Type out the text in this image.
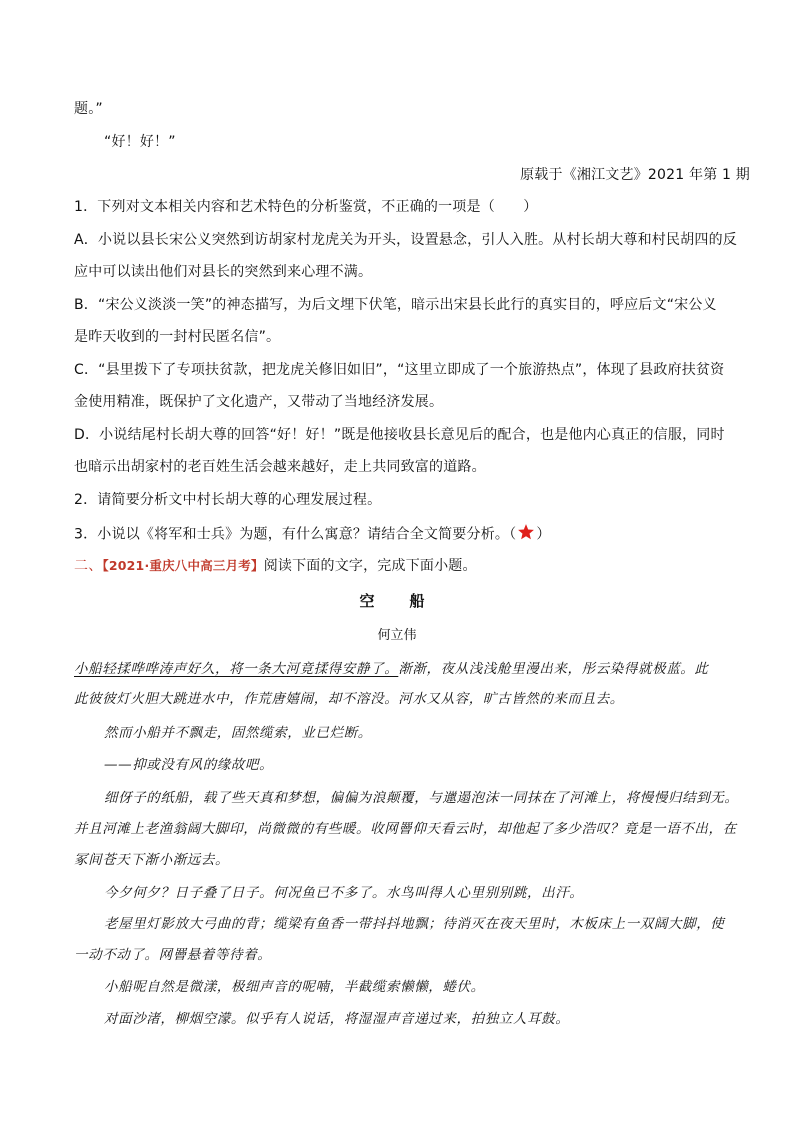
题。”
“好！好！”
原载于《湘江文艺》2021 年第 1 期
1．下列对文本相关内容和艺术特色的分析鉴赏，不正确的一项是（　　）
A．小说以县长宋公义突然到访胡家村龙虎关为开头，设置悬念，引人入胜。从村长胡大尊和村民胡四的反
应中可以读出他们对县长的突然到来心理不满。
B．“宋公义淡淡一笑”的神态描写，为后文埋下伏笔，暗示出宋县长此行的真实目的，呼应后文“宋公义
是昨天收到的一封村民匿名信”。
C．“县里拨下了专项扶贫款，把龙虎关修旧如旧”，“这里立即成了一个旅游热点”，体现了县政府扶贫资
金使用精准，既保护了文化遗产，又带动了当地经济发展。
D．小说结尾村长胡大尊的回答“好！好！”既是他接收县长意见后的配合，也是他内心真正的信服，同时
也暗示出胡家村的老百姓生活会越来越好，走上共同致富的道路。
2．请简要分析文中村长胡大尊的心理发展过程。
3．小说以《将军和士兵》为题，有什么寓意？请结合全文简要分析。（ ）
二、【2021·重庆八中高三月考】阅读下面的文字，完成下面小题。
空　船
何立伟
小船轻揉哗哗涛声好久，将一条大河竟揉得安静了。渐渐，夜从浅浅舱里漫出来，彤云染得就极蓝。此
此彼彼灯火胆大跳进水中，作荒唐嬉闹，却不溶没。河水又从容，旷古皆然的来而且去。
然而小船并不飘走，固然缆索，业已烂断。
——抑或没有风的缘故吧。
细伢子的纸船，载了些天真和梦想，偏偏为浪颠覆，与邋遢泡沫一同抹在了河滩上，将慢慢归结到无。
并且河滩上老渔翁阔大脚印，尚微微的有些暖。收网罾仰天看云时，却他起了多少浩叹？竟是一语不出，在
冢间苍天下渐小渐远去。
今夕何夕？日子叠了日子。何况鱼已不多了。水鸟叫得人心里别别跳，出汗。
老屋里灯影放大弓曲的背；缆梁有鱼香一带抖抖地飘；待消灭在夜天里时，木板床上一双阔大脚，使
一动不动了。网罾悬着等待着。
小船呢自然是微漾，极细声音的呢喃，半截缆索懒懒，蜷伏。
对面沙渚，柳烟空濛。似乎有人说话，将湿湿声音递过来，拍独立人耳鼓。
